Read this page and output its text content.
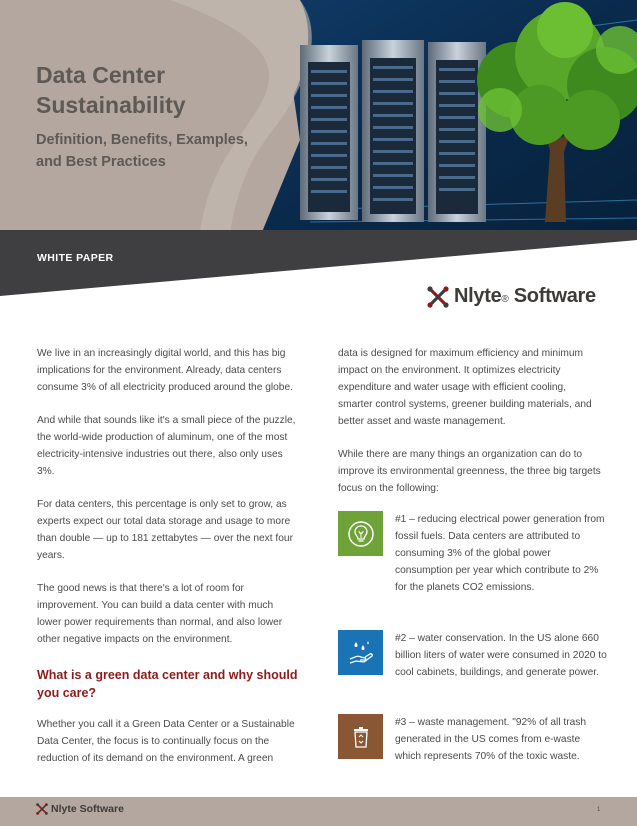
Data Center Sustainability
Definition, Benefits, Examples, and Best Practices
WHITE PAPER
Nlyte® Software

We live in an increasingly digital world, and this has big implications for the environment. Already, data centers consume 3% of all electricity produced around the globe.

And while that sounds like it's a small piece of the puzzle, the world-wide production of aluminum, one of the most electricity-intensive industries out there, also only uses 3%.

For data centers, this percentage is only set to grow, as experts expect our total data storage and usage to more than double — up to 181 zettabytes — over the next four years.

The good news is that there's a lot of room for improvement. You can build a data center with much lower power requirements than normal, and also lower other negative impacts on the environment.

What is a green data center and why should you care?

Whether you call it a Green Data Center or a Sustainable Data Center, the focus is to continually focus on the reduction of its demand on the environment. A green

data is designed for maximum efficiency and minimum impact on the environment. It optimizes electricity expenditure and water usage with efficient cooling, smarter control systems, greener building materials, and better asset and waste management.

While there are many things an organization can do to improve its environmental greenness, the three big targets focus on the following:

#1 – reducing electrical power generation from fossil fuels. Data centers are attributed to consuming 3% of the global power consumption per year which contribute to 2% for the planets CO2 emissions.
#2 – water conservation. In the US alone 660 billion liters of water were consumed in 2020 to cool cabinets, buildings, and generate power.
#3 – waste management. "92% of all trash generated in the US comes from e-waste which represents 70% of the toxic waste.
Nlyte Software	1
